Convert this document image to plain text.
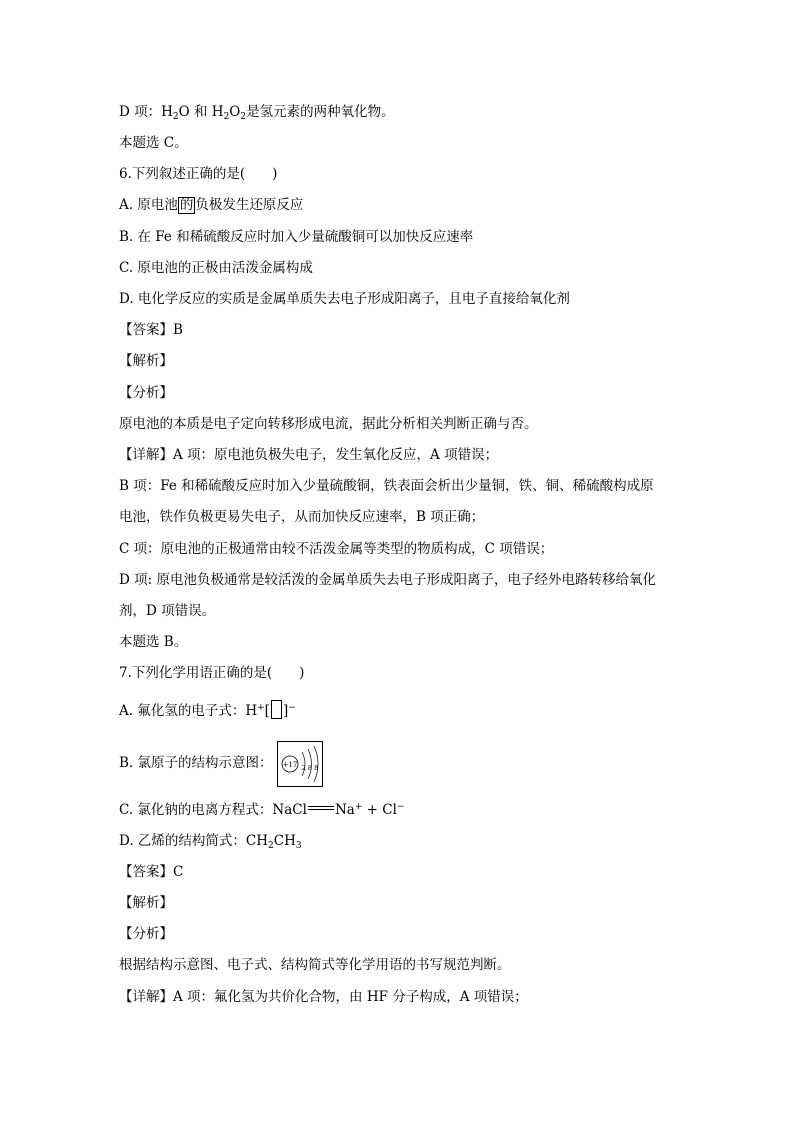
D 项：$H_2O$ 和 $H_2O_2$是氢元素的两种氧化物。
本题选 C。
6.下列叙述正确的是(　　)
A. 原电池 的 负极发生还原反应
B. 在 Fe 和稀硫酸反应时加入少量硫酸铜可以加快反应速率
C. 原电池的正极由活泼金属构成
D. 电化学反应的实质是金属单质失去电子形成阳离子，且电子直接给氧化剂
【答案】B
【解析】
【分析】
原电池的本质是电子定向转移形成电流，据此分析相关判断正确与否。
【详解】A 项：原电池负极失电子，发生氧化反应，A 项错误；
B 项：Fe 和稀硫酸反应时加入少量硫酸铜，铁表面会析出少量铜，铁、铜、稀硫酸构成原
电池，铁作负极更易失电子，从而加快反应速率，B 项正确；
C 项：原电池的正极通常由较不活泼金属等类型的物质构成，C 项错误；
D 项: 原电池负极通常是较活泼的金属单质失去电子形成阳离子，电子经外电路转移给氧化
剂，D 项错误。
本题选 B。
7.下列化学用语正确的是(　　)
A. 氟化氢的电子式：H+[ ]−
B. 氯原子的结构示意图： +17 2 8 8
C. 氯化钠的电离方程式：NaCl Na+ + Cl−
D. 乙烯的结构简式：$CH_2CH_3$
【答案】C
【解析】
【分析】
根据结构示意图、电子式、结构简式等化学用语的书写规范判断。
【详解】A 项：氟化氢为共价化合物，由 HF 分子构成，A 项错误；
